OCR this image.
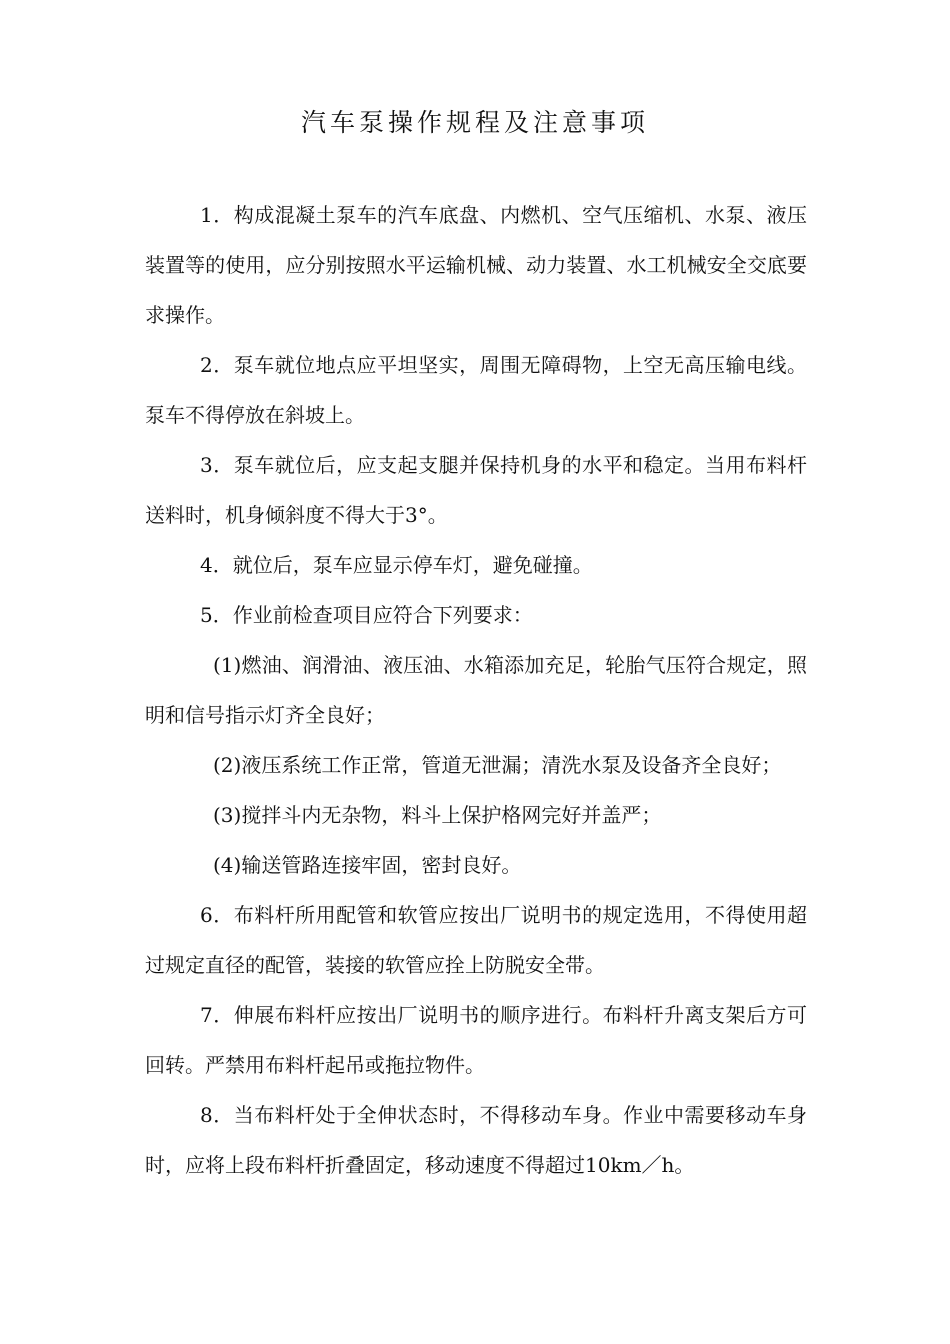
汽车泵操作规程及注意事项

1．构成混凝土泵车的汽车底盘、内燃机、空气压缩机、水泵、液压装置等的使用，应分别按照水平运输机械、动力装置、水工机械安全交底要求操作。

2．泵车就位地点应平坦坚实，周围无障碍物，上空无高压输电线。泵车不得停放在斜坡上。

3．泵车就位后，应支起支腿并保持机身的水平和稳定。当用布料杆送料时，机身倾斜度不得大于3°。

4．就位后，泵车应显示停车灯，避免碰撞。

5．作业前检查项目应符合下列要求：

(1)燃油、润滑油、液压油、水箱添加充足，轮胎气压符合规定，照明和信号指示灯齐全良好；

(2)液压系统工作正常，管道无泄漏；清洗水泵及设备齐全良好；

(3)搅拌斗内无杂物，料斗上保护格网完好并盖严；

(4)输送管路连接牢固，密封良好。

6．布料杆所用配管和软管应按出厂说明书的规定选用，不得使用超过规定直径的配管，装接的软管应拴上防脱安全带。

7．伸展布料杆应按出厂说明书的顺序进行。布料杆升离支架后方可回转。严禁用布料杆起吊或拖拉物件。

8．当布料杆处于全伸状态时，不得移动车身。作业中需要移动车身时，应将上段布料杆折叠固定，移动速度不得超过10km／h。
